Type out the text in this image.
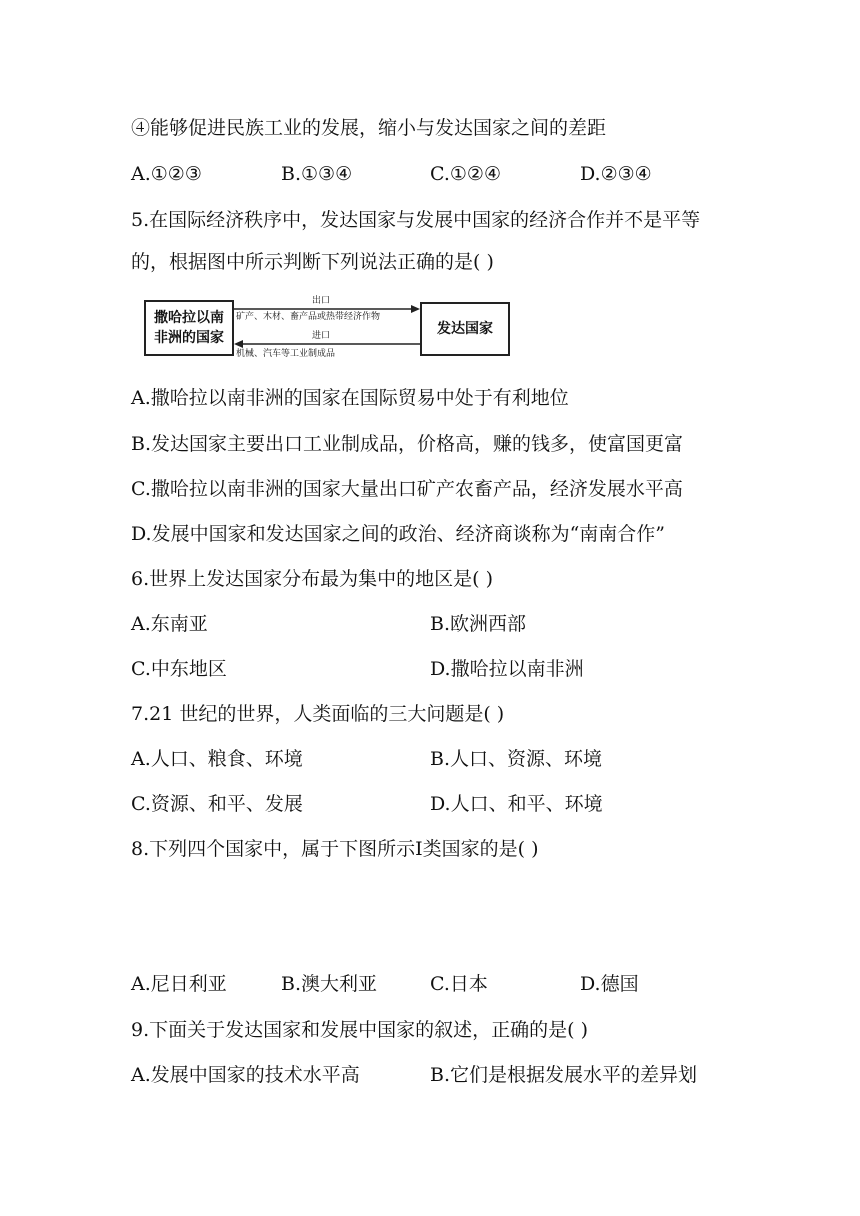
④能够促进民族工业的发展，缩小与发达国家之间的差距
A.①②③	B.①③④	C.①②④	D.②③④
5.在国际经济秩序中，发达国家与发展中国家的经济合作并不是平等
的，根据图中所示判断下列说法正确的是( )
撒哈拉以南
非洲的国家
发达国家
出口
矿产、木材、畜产品或热带经济作物
进口
机械、汽车等工业制成品
A.撒哈拉以南非洲的国家在国际贸易中处于有利地位
B.发达国家主要出口工业制成品，价格高，赚的钱多，使富国更富
C.撒哈拉以南非洲的国家大量出口矿产农畜产品，经济发展水平高
D.发展中国家和发达国家之间的政治、经济商谈称为“南南合作”
6.世界上发达国家分布最为集中的地区是( )
A.东南亚	B.欧洲西部
C.中东地区	D.撒哈拉以南非洲
7.21 世纪的世界，人类面临的三大问题是( )
A.人口、粮食、环境	B.人口、资源、环境
C.资源、和平、发展	D.人口、和平、环境
8.下列四个国家中，属于下图所示Ⅰ类国家的是( )
A.尼日利亚	B.澳大利亚	C.日本	D.德国
9.下面关于发达国家和发展中国家的叙述，正确的是( )
A.发展中国家的技术水平高	B.它们是根据发展水平的差异划
